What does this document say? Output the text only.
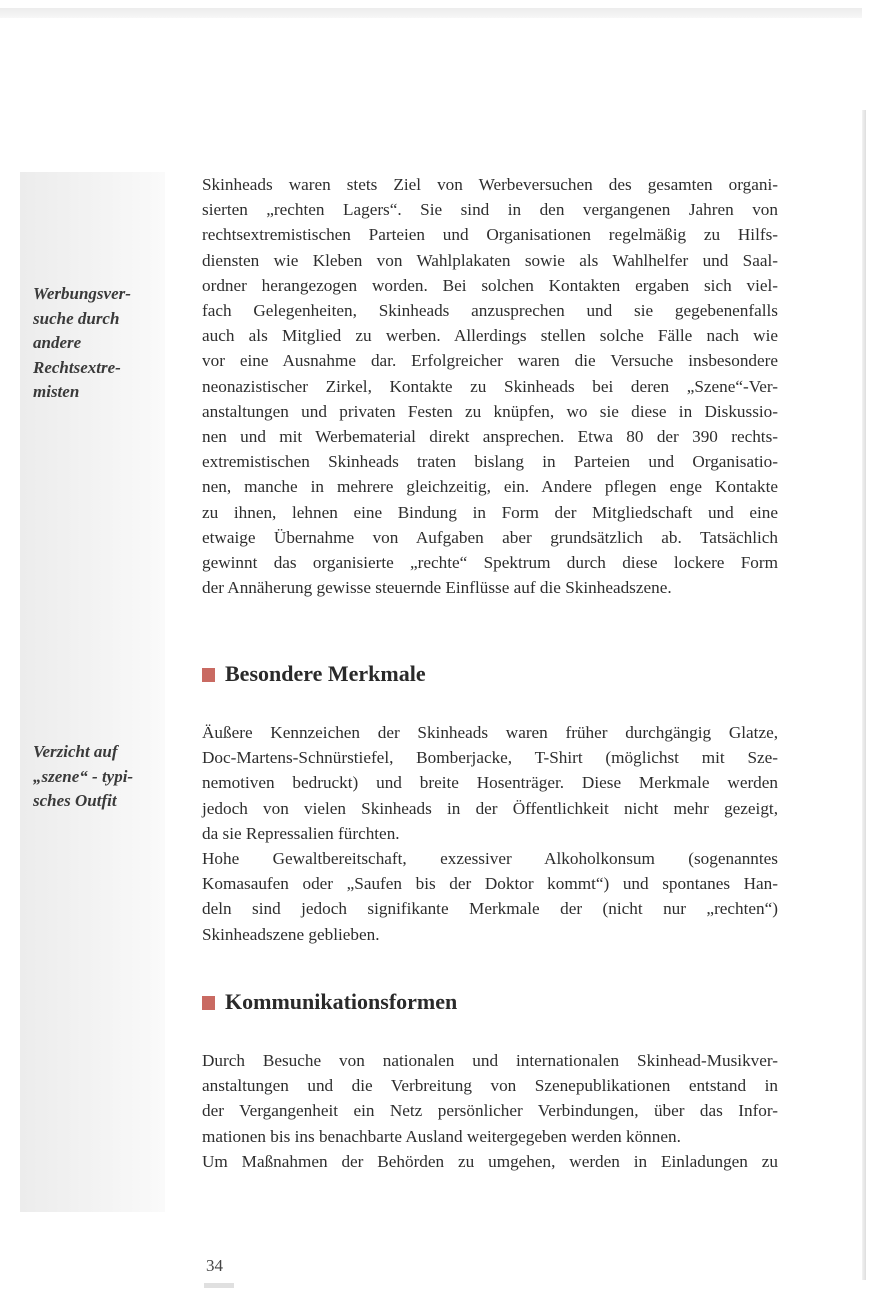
Werbungsver-
suche durch
andere
Rechtsextre-
misten

Verzicht auf
„szene“ - typi-
sches Outfit

Skinheads waren stets Ziel von Werbeversuchen des gesamten organi-
sierten „rechten Lagers“. Sie sind in den vergangenen Jahren von
rechtsextremistischen Parteien und Organisationen regelmäßig zu Hilfs-
diensten wie Kleben von Wahlplakaten sowie als Wahlhelfer und Saal-
ordner herangezogen worden. Bei solchen Kontakten ergaben sich viel-
fach Gelegenheiten, Skinheads anzusprechen und sie gegebenenfalls
auch als Mitglied zu werben. Allerdings stellen solche Fälle nach wie
vor eine Ausnahme dar. Erfolgreicher waren die Versuche insbesondere
neonazistischer Zirkel, Kontakte zu Skinheads bei deren „Szene“-Ver-
anstaltungen und privaten Festen zu knüpfen, wo sie diese in Diskussio-
nen und mit Werbematerial direkt ansprechen. Etwa 80 der 390 rechts-
extremistischen Skinheads traten bislang in Parteien und Organisatio-
nen, manche in mehrere gleichzeitig, ein. Andere pflegen enge Kontakte
zu ihnen, lehnen eine Bindung in Form der Mitgliedschaft und eine
etwaige Übernahme von Aufgaben aber grundsätzlich ab. Tatsächlich
gewinnt das organisierte „rechte“ Spektrum durch diese lockere Form
der Annäherung gewisse steuernde Einflüsse auf die Skinheadszene.

Besondere Merkmale

Äußere Kennzeichen der Skinheads waren früher durchgängig Glatze,
Doc-Martens-Schnürstiefel, Bomberjacke, T-Shirt (möglichst mit Sze-
nemotiven bedruckt) und breite Hosenträger. Diese Merkmale werden
jedoch von vielen Skinheads in der Öffentlichkeit nicht mehr gezeigt,
da sie Repressalien fürchten.

Hohe Gewaltbereitschaft, exzessiver Alkoholkonsum (sogenanntes
Komasaufen oder „Saufen bis der Doktor kommt“) und spontanes Han-
deln sind jedoch signifikante Merkmale der (nicht nur „rechten“)
Skinheadszene geblieben.

Kommunikationsformen

Durch Besuche von nationalen und internationalen Skinhead-Musikver-
anstaltungen und die Verbreitung von Szenepublikationen entstand in
der Vergangenheit ein Netz persönlicher Verbindungen, über das Infor-
mationen bis ins benachbarte Ausland weitergegeben werden können.

Um Maßnahmen der Behörden zu umgehen, werden in Einladungen zu

34
